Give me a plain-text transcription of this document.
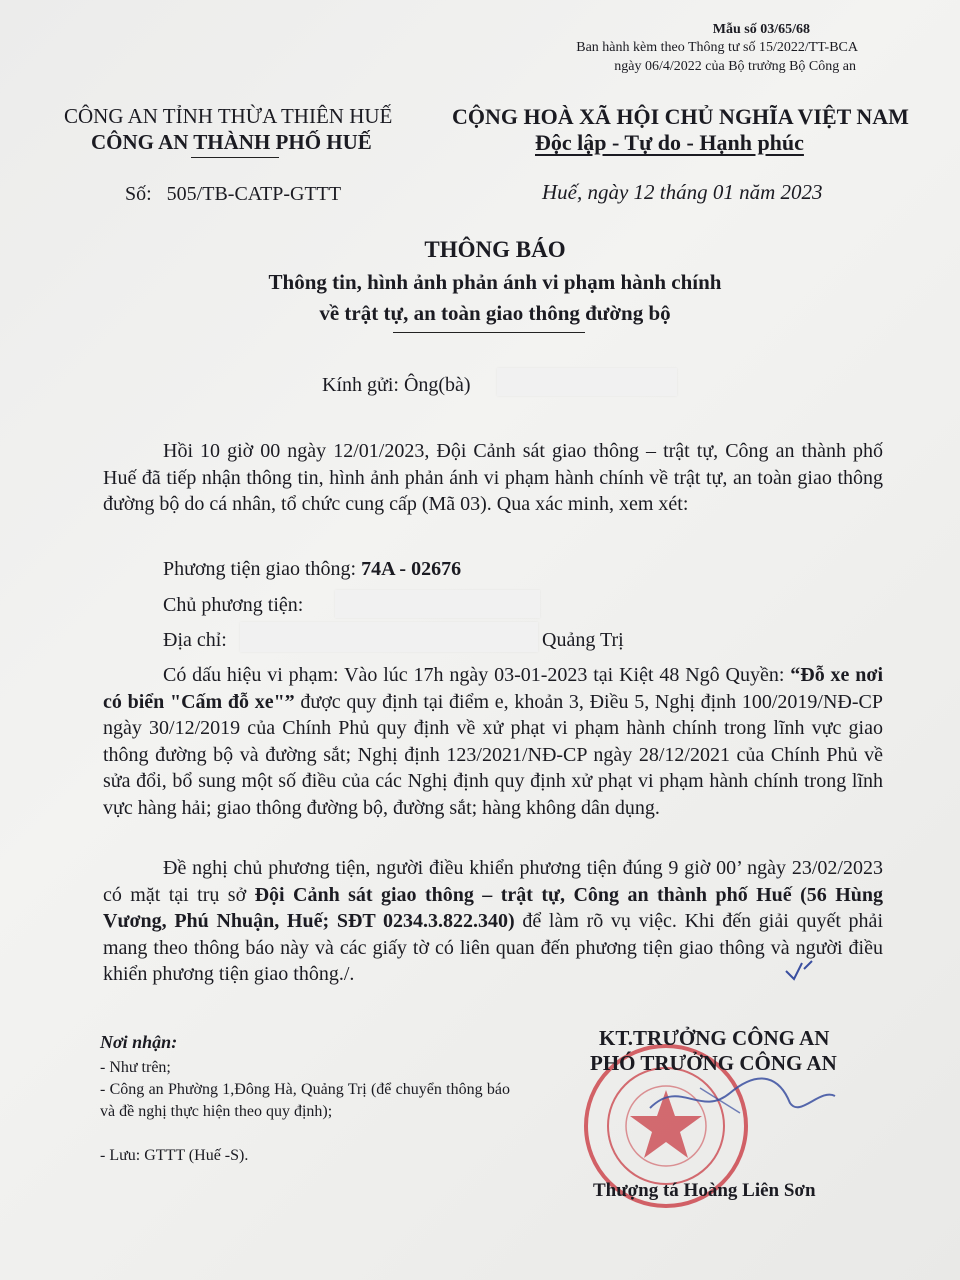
Mẫu số 03/65/68
Ban hành kèm theo Thông tư số 15/2022/TT-BCA
ngày 06/4/2022 của Bộ trưởng Bộ Công an
CÔNG AN TỈNH THỪA THIÊN HUẾ
CÔNG AN THÀNH PHỐ HUẾ
CỘNG HOÀ XÃ HỘI CHỦ NGHĨA VIỆT NAM
Độc lập - Tự do - Hạnh phúc
Số:   505/TB-CATP-GTTT	Huế, ngày 12 tháng 01 năm 2023
THÔNG BÁO
Thông tin, hình ảnh phản ánh vi phạm hành chính
về trật tự, an toàn giao thông đường bộ
Kính gửi: Ông(bà)
Hồi 10 giờ 00 ngày 12/01/2023, Đội Cảnh sát giao thông – trật tự, Công an thành phố Huế đã tiếp nhận thông tin, hình ảnh phản ánh vi phạm hành chính về trật tự, an toàn giao thông đường bộ do cá nhân, tổ chức cung cấp (Mã 03). Qua xác minh, xem xét:
Phương tiện giao thông: 74A - 02676
Chủ phương tiện:
Địa chỉ:	Quảng Trị
Có dấu hiệu vi phạm: Vào lúc 17h ngày 03-01-2023 tại Kiệt 48 Ngô Quyền: “Đỗ xe nơi có biển "Cấm đỗ xe"” được quy định tại điểm e, khoản 3, Điều 5, Nghị định 100/2019/NĐ-CP ngày 30/12/2019 của Chính Phủ quy định về xử phạt vi phạm hành chính trong lĩnh vực giao thông đường bộ và đường sắt; Nghị định 123/2021/NĐ-CP ngày 28/12/2021 của Chính Phủ về sửa đổi, bổ sung một số điều của các Nghị định quy định xử phạt vi phạm hành chính trong lĩnh vực hàng hải; giao thông đường bộ, đường sắt; hàng không dân dụng.
Đề nghị chủ phương tiện, người điều khiển phương tiện đúng 9 giờ 00’ ngày 23/02/2023 có mặt tại trụ sở Đội Cảnh sát giao thông – trật tự, Công an thành phố Huế (56 Hùng Vương, Phú Nhuận, Huế; SĐT 0234.3.822.340) để làm rõ vụ việc. Khi đến giải quyết phải mang theo thông báo này và các giấy tờ có liên quan đến phương tiện giao thông và người điều khiển phương tiện giao thông./.
Nơi nhận:
- Như trên;
- Công an Phường 1,Đông Hà, Quảng Trị (để chuyển thông báo và đề nghị thực hiện theo quy định);
- Lưu: GTTT (Huế -S).
KT.TRƯỞNG CÔNG AN
PHÓ TRƯỞNG CÔNG AN
Thượng tá Hoàng Liên Sơn
